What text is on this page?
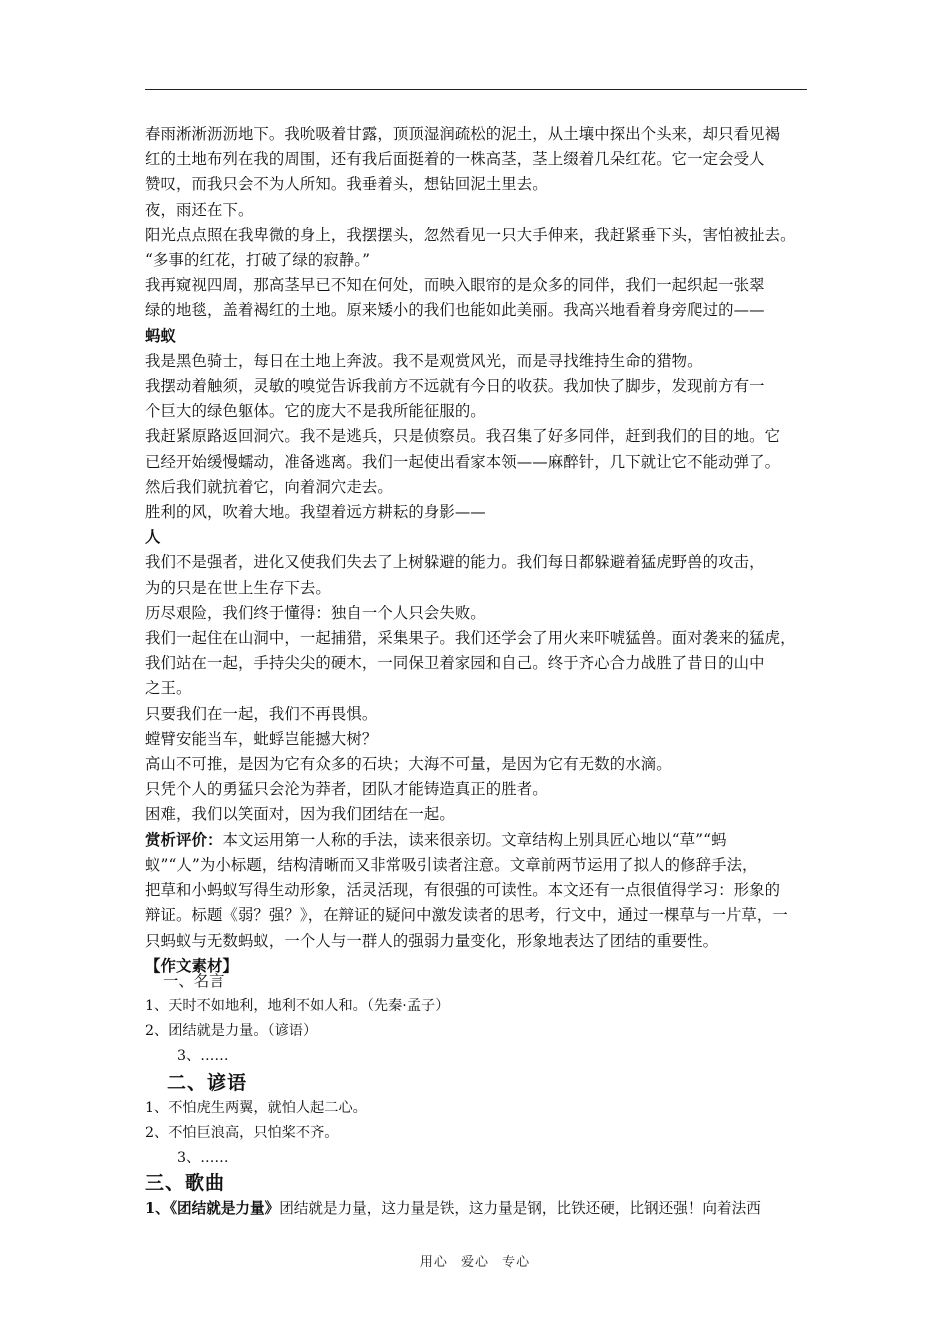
春雨淅淅沥沥地下。我吮吸着甘露，顶顶湿润疏松的泥土，从土壤中探出个头来，却只看见褐

红的土地布列在我的周围，还有我后面挺着的一株高茎，茎上缀着几朵红花。它一定会受人

赞叹，而我只会不为人所知。我垂着头，想钻回泥土里去。

夜，雨还在下。

阳光点点照在我卑微的身上，我摆摆头，忽然看见一只大手伸来，我赶紧垂下头，害怕被扯去。

“多事的红花，打破了绿的寂静。”

我再窥视四周，那高茎早已不知在何处，而映入眼帘的是众多的同伴，我们一起织起一张翠

绿的地毯，盖着褐红的土地。原来矮小的我们也能如此美丽。我高兴地看着身旁爬过的——

蚂蚁

我是黑色骑士，每日在土地上奔波。我不是观赏风光，而是寻找维持生命的猎物。

我摆动着触须，灵敏的嗅觉告诉我前方不远就有今日的收获。我加快了脚步，发现前方有一

个巨大的绿色躯体。它的庞大不是我所能征服的。

我赶紧原路返回洞穴。我不是逃兵，只是侦察员。我召集了好多同伴，赶到我们的目的地。它

已经开始缓慢蠕动，准备逃离。我们一起使出看家本领——麻醉针，几下就让它不能动弹了。

然后我们就抗着它，向着洞穴走去。

胜利的风，吹着大地。我望着远方耕耘的身影——

人

我们不是强者，进化又使我们失去了上树躲避的能力。我们每日都躲避着猛虎野兽的攻击，

为的只是在世上生存下去。

历尽艰险，我们终于懂得：独自一个人只会失败。

我们一起住在山洞中，一起捕猎，采集果子。我们还学会了用火来吓唬猛兽。面对袭来的猛虎，

我们站在一起，手持尖尖的硬木，一同保卫着家园和自己。终于齐心合力战胜了昔日的山中

之王。

只要我们在一起，我们不再畏惧。

螳臂安能当车，蚍蜉岂能撼大树？

高山不可推，是因为它有众多的石块；大海不可量，是因为它有无数的水滴。

只凭个人的勇猛只会沦为莽者，团队才能铸造真正的胜者。

困难，我们以笑面对，因为我们团结在一起。

赏析评价：本文运用第一人称的手法，读来很亲切。文章结构上别具匠心地以“草”“蚂

蚁”“人”为小标题，结构清晰而又非常吸引读者注意。文章前两节运用了拟人的修辞手法，

把草和小蚂蚁写得生动形象，活灵活现，有很强的可读性。本文还有一点很值得学习：形象的

辩证。标题《弱？强？》，在辩证的疑问中激发读者的思考，行文中，通过一棵草与一片草，一

只蚂蚁与无数蚂蚁，一个人与一群人的强弱力量变化，形象地表达了团结的重要性。

【作文素材】

一、名言

1、天时不如地利，地利不如人和。（先秦·孟子）

2、团结就是力量。（谚语）

3、……

二、谚语

1、不怕虎生两翼，就怕人起二心。

2、不怕巨浪高，只怕桨不齐。

3、……

三、歌曲

1、《团结就是力量》团结就是力量，这力量是铁，这力量是钢，比铁还硬，比钢还强！向着法西

用心 爱心 专心
